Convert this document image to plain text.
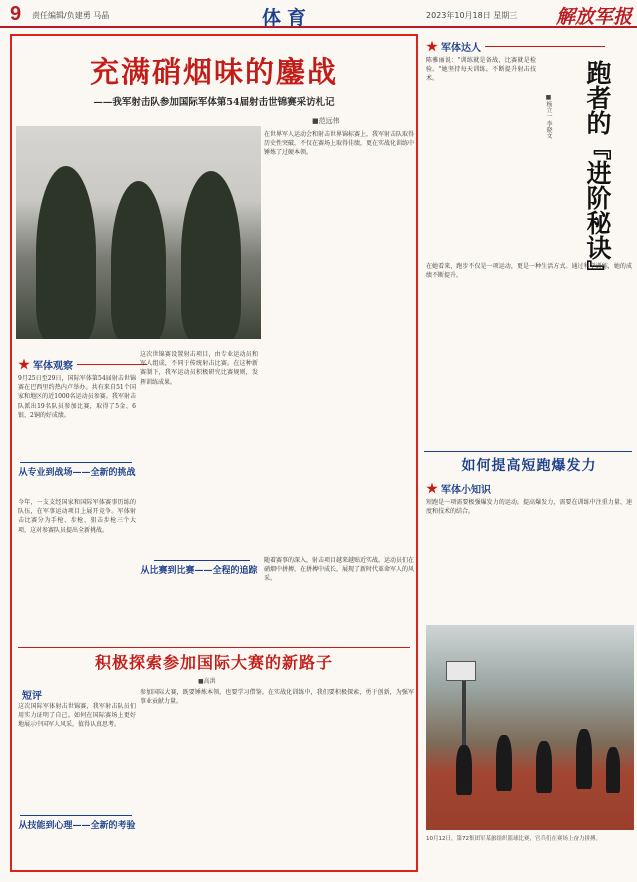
9 责任编辑/负建勇 马晶	体育	2023年10月18日 星期三 解放军报
充满硝烟味的鏖战
——我军射击队参加国际军体第54届射击世锦赛采访札记
■范远伟
军体观察
9月25日至29日，国际军体第54届射击世锦赛在巴西里约热内卢举办。共有来自51个国家和地区的近1000名运动员参赛。我军射击队派出19名队员参加比赛，取得了5金、6银、2铜的好成绩。
从专业到战场——全新的挑战
今年，一支支经国家和国际军体赛事历练的队伍，在军事运动项目上展开竞争。军体射击比赛分为手枪、步枪、狙击步枪三个大项，这对参赛队员提出全新挑战。
这次世锦赛设置射击项目，由专业运动员和军人组成，不同于传统射击比赛。在这种新赛制下，我军运动员积极研究比赛规则，发挥训练成果。
在世界军人运动会和射击世界锦标赛上，我军射击队取得历史性突破，不仅在赛场上取得佳绩，更在实战化训练中锤炼了过硬本领。
从比赛到比赛——全程的追踪
随着赛事的深入，射击项目越来越贴近实战。运动员们在硝烟中拼搏，在拼搏中成长，展现了新时代革命军人的风采。
积极探索参加国际大赛的新路子
■高洪
短评
这次国际军体射击世锦赛，我军射击队员们用实力证明了自己。如何在国际赛场上更好地展示中国军人风采，值得认真思考。
从技能到心理——全新的考验
参加国际大赛，既要锤炼本领，也要学习借鉴。在实战化训练中，我们要积极探索，勇于创新，为强军事业贡献力量。
军体达人
陈雅丽说："训练就是备战，比赛就是检验。"她坚持每天训练，不断提升射击技术。	跑者的『进阶秘诀』
■杨立一 李晓文
在她看来，跑步不仅是一项运动，更是一种生活方式。通过科学训练，她的成绩不断提升。
如何提高短跑爆发力
军体小知识
短跑是一项需要极强爆发力的运动。提高爆发力，需要在训练中注重力量、速度和技术的结合。
10月12日，第72集团军某旅组织篮球比赛，官兵们在赛场上奋力拼搏。
